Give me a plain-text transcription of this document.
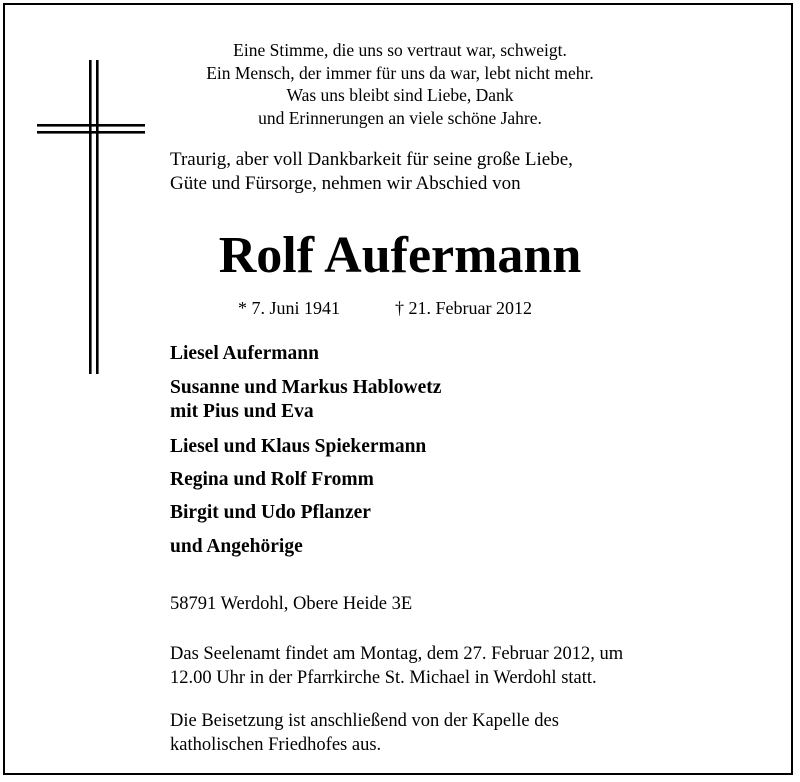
Eine Stimme, die uns so vertraut war, schweigt.
Ein Mensch, der immer für uns da war, lebt nicht mehr.
Was uns bleibt sind Liebe, Dank
und Erinnerungen an viele schöne Jahre.
Traurig, aber voll Dankbarkeit für seine große Liebe,
Güte und Fürsorge, nehmen wir Abschied von
Rolf Aufermann
* 7. Juni 1941	† 21. Februar 2012
Liesel Aufermann
Susanne und Markus Hablowetz
mit Pius und Eva
Liesel und Klaus Spiekermann
Regina und Rolf Fromm
Birgit und Udo Pflanzer
und Angehörige
58791 Werdohl, Obere Heide 3E
Das Seelenamt findet am Montag, dem 27. Februar 2012, um
12.00 Uhr in der Pfarrkirche St. Michael in Werdohl statt.
Die Beisetzung ist anschließend von der Kapelle des
katholischen Friedhofes aus.
